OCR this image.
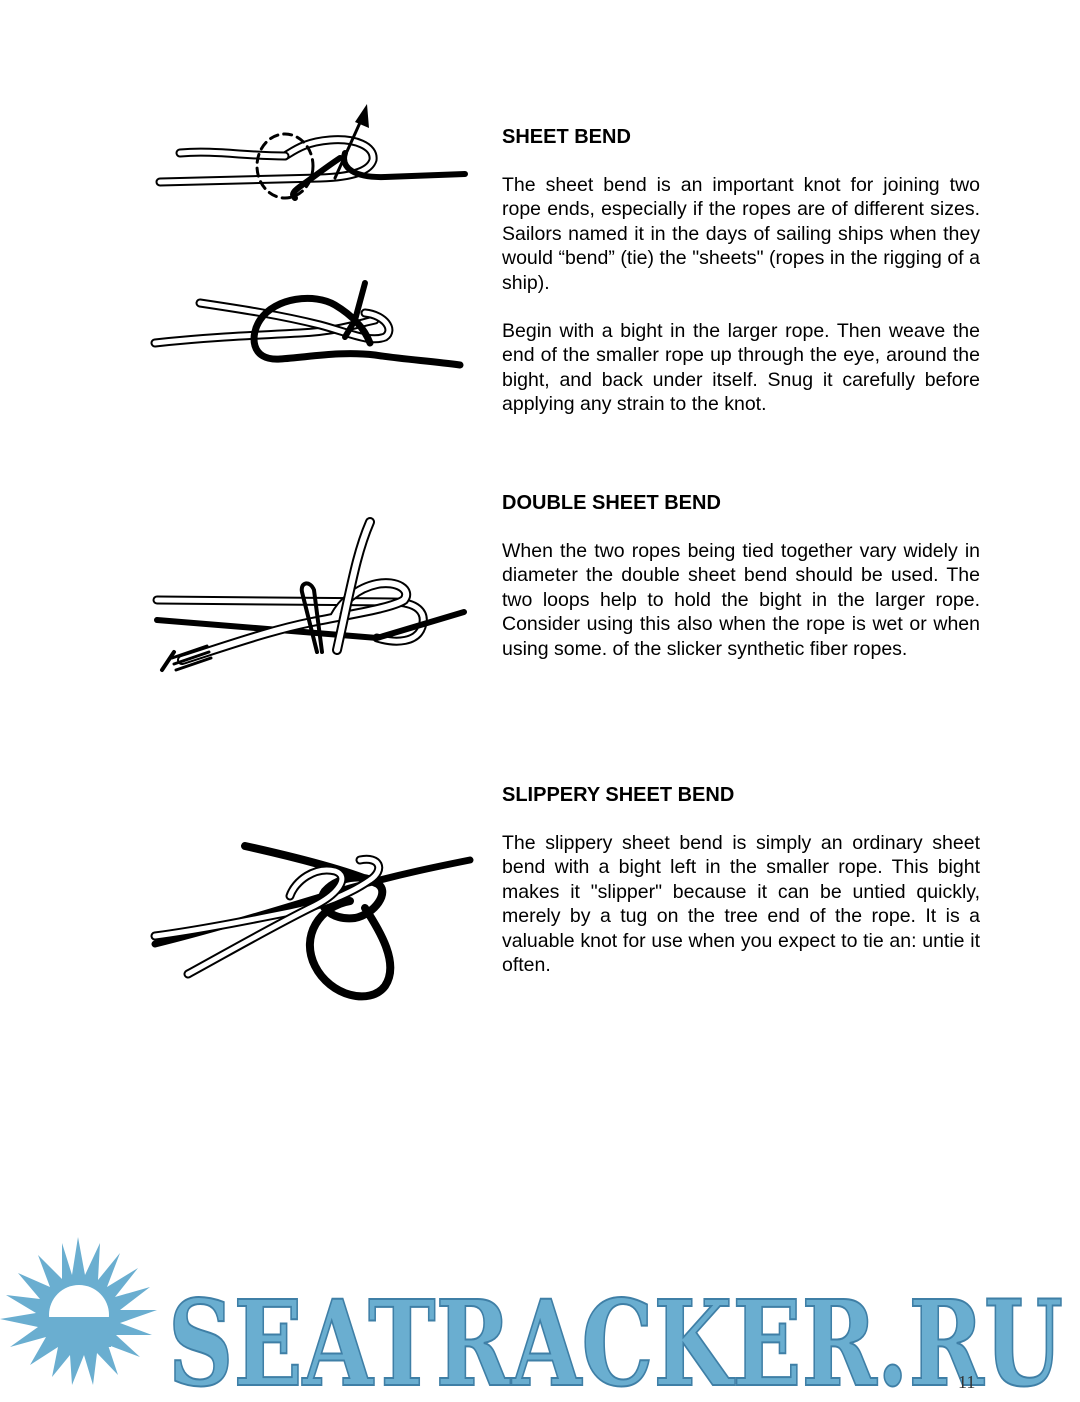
SHEET BEND

The sheet bend is an important knot for joining two rope ends, especially if the ropes are of different sizes. Sailors named it in the days of sailing ships when they would “bend” (tie) the "sheets" (ropes in the rigging of a ship).

Begin with a bight in the larger rope. Then weave the end of the smaller rope up through the eye, around the bight, and back under itself. Snug it carefully before applying any strain to the knot.

DOUBLE SHEET BEND

When the two ropes being tied together vary widely in diameter the double sheet bend should be used. The two loops help to hold the bight in the larger rope. Consider using this also when the rope is wet or when using some. of the slicker synthetic fiber ropes.

SLIPPERY SHEET BEND

The slippery sheet bend is simply an ordinary sheet bend with a bight left in the smaller rope. This bight makes it "slipper" because it can be untied quickly, merely by a tug on the tree end of the rope. It is a valuable knot for use when you expect to tie an: untie it often.

SEATRACKER.RU
11
